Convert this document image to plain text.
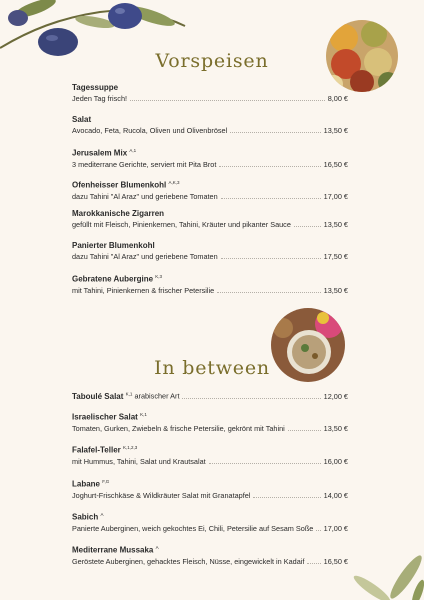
Vorspeisen
Tagessuppe
Jeden Tag frisch!	8,00 €
Salat
Avocado, Feta, Rucola, Oliven und Olivenbrösel	13,50 €
Jerusalem Mix $^{A,1}$
3 mediterrane Gerichte, serviert mit Pita Brot	16,50 €
Ofenheisser Blumenkohl $^{A,K,3}$
dazu Tahini "Al Araz" und geriebene Tomaten	17,00 €
Marokkanische Zigarren
gefüllt mit Fleisch, Pinienkernen, Tahini, Kräuter und pikanter Sauce	13,50 €
Panierter Blumenkohl
dazu Tahini "Al Araz" und geriebene Tomaten	17,50 €
Gebratene Aubergine $^{K,3}$
mit Tahini, Pinienkernen & frischer Petersilie	13,50 €
In between
Taboulé Salat $^{K,1}$ arabischer Art	12,00 €
Israelischer Salat $^{K,1}$
Tomaten, Gurken, Zwiebeln & frische Petersilie, gekrönt mit Tahini	13,50 €
Falafel-Teller $^{K,1,2,3}$
mit Hummus, Tahini, Salat und Krautsalat	16,00 €
Labane $^{F,G}$
Joghurt-Frischkäse & Wildkräuter Salat mit Granatapfel	14,00 €
Sabich $^A$
Panierte Auberginen, weich gekochtes Ei, Chili, Petersilie auf Sesam Soße 17,00 €
Mediterrane Mussaka $^A$
Geröstete Auberginen, gehacktes Fleisch, Nüsse, eingewickelt in Kadaif	16,50 €
